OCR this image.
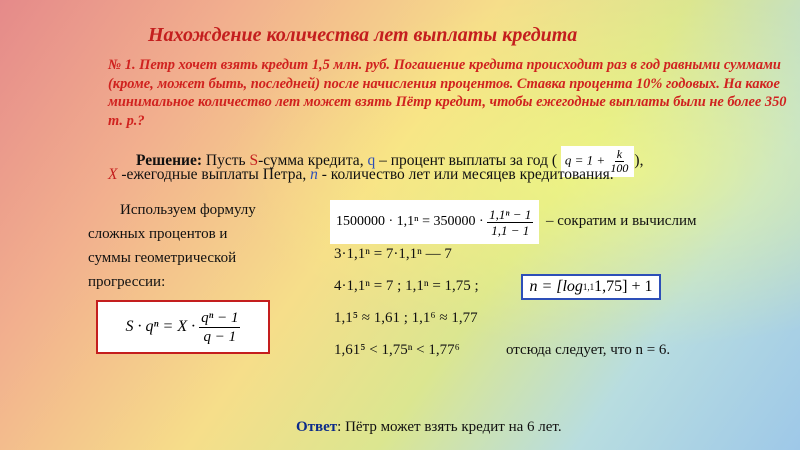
Нахождение количества лет выплаты кредита

№ 1. Петр хочет взять кредит 1,5 млн. руб. Погашение кредита происходит раз в год равными суммами (кроме, может быть, последней) после начисления процентов. Ставка процента 10% годовых. На какое минимальное количество лет может взять Пётр кредит, чтобы ежегодные выплаты были не более 350 т. р.?

Решение: Пусть S-сумма кредита, q – процент выплаты за год ( $q = 1 + \frac{k}{100}$ ),
X -ежегодные выплаты Петра, n - количество лет или месяцев кредитования.
Используем формулу
сложных процентов и
суммы геометрической
прогрессии:
S · qⁿ = X ·
$\frac{\text{qⁿ − 1}}{q - 1}$
1500000 · 1,1ⁿ = 350000 ·
$\frac{\text{1,1ⁿ − 1}}{1,1 - 1}$ – сократим и вычислим
3·1,1ⁿ = 7·1,1ⁿ — 7
4·1,1ⁿ = 7 ; 1,1ⁿ = 1,75 ;	n = [log 1,1 1,75] + 1
1,1⁵ ≈ 1,61 ; 1,1⁶ ≈ 1,77
1,61⁵ < 1,75ⁿ < 1,77⁶	отсюда следует, что n = 6.
Ответ: Пётр может взять кредит на 6 лет.
